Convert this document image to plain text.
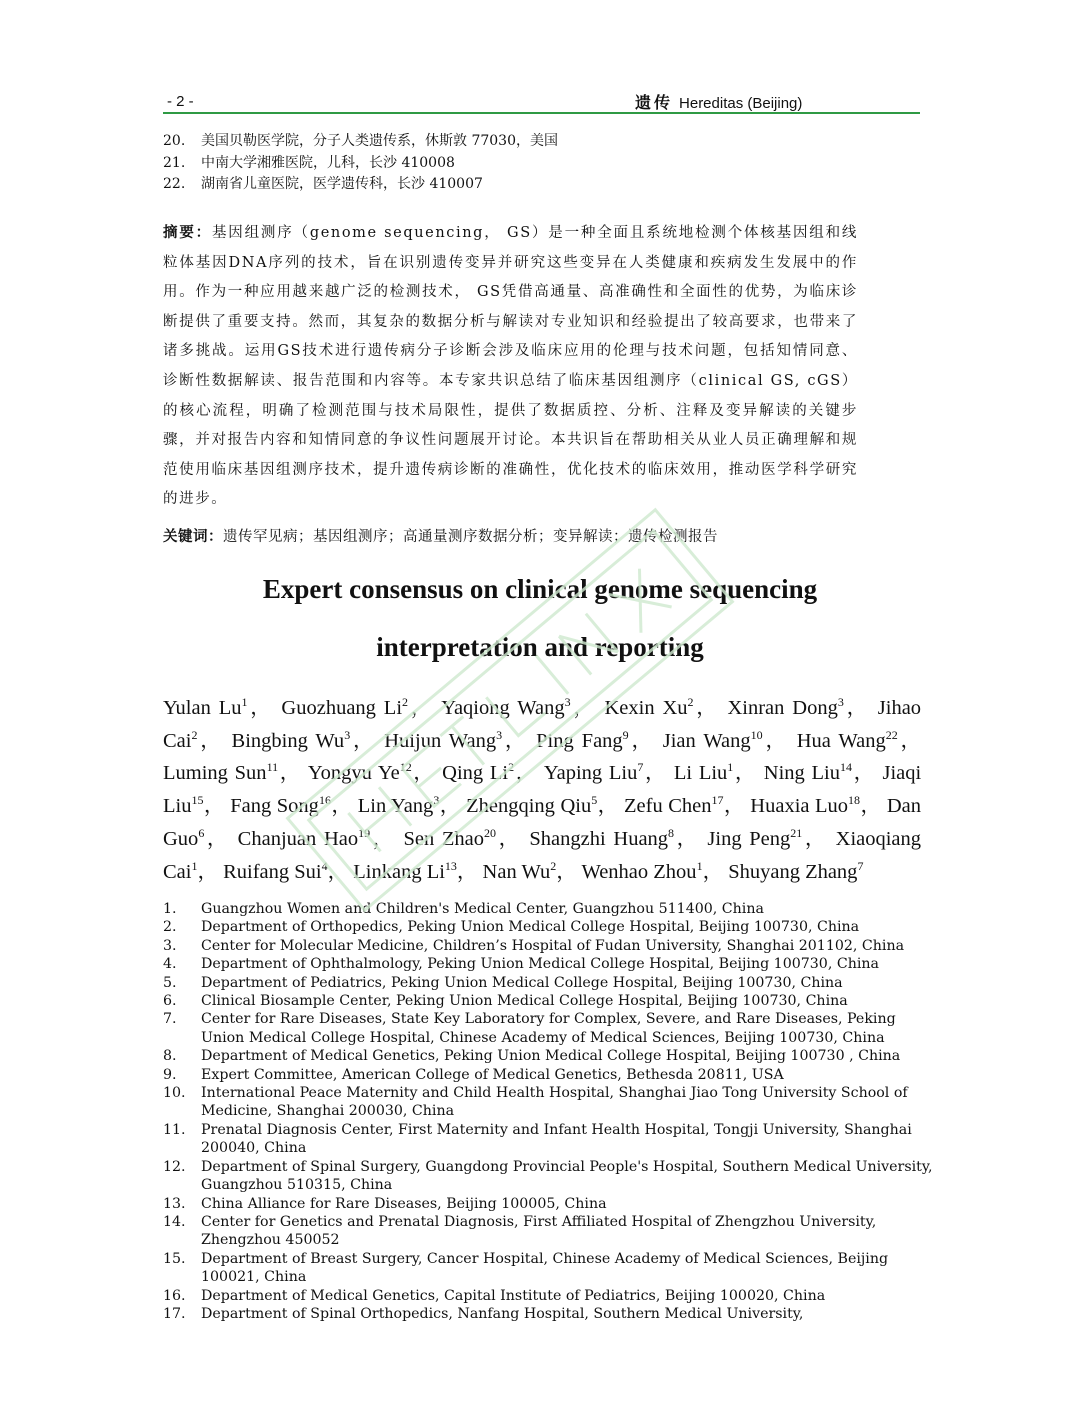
- 2 -	遗传 Hereditas (Beijing)
20.	美国贝勒医学院，分子人类遗传系，休斯敦 77030，美国
21.	中南大学湘雅医院，儿科，长沙 410008
22.	湖南省儿童医院，医学遗传科，长沙 410007
摘要：基因组测序（genome sequencing， GS）是一种全面且系统地检测个体核基因组和线粒体基因DNA序列的技术，旨在识别遗传变异并研究这些变异在人类健康和疾病发生发展中的作用。作为一种应用越来越广泛的检测技术， GS凭借高通量、高准确性和全面性的优势，为临床诊断提供了重要支持。然而，其复杂的数据分析与解读对专业知识和经验提出了较高要求，也带来了诸多挑战。运用GS技术进行遗传病分子诊断会涉及临床应用的伦理与技术问题，包括知情同意、诊断性数据解读、报告范围和内容等。本专家共识总结了临床基因组测序（clinical GS, cGS）的核心流程，明确了检测范围与技术局限性，提供了数据质控、分析、注释及变异解读的关键步骤，并对报告内容和知情同意的争议性问题展开讨论。本共识旨在帮助相关从业人员正确理解和规范使用临床基因组测序技术，提升遗传病诊断的准确性，优化技术的临床效用，推动医学科学研究的进步。
关键词：遗传罕见病；基因组测序；高通量测序数据分析；变异解读；遗传检测报告
Expert consensus on clinical genome sequencing
interpretation and reporting
Yulan Lu$^1$， Guozhuang Li$^2$， Yaqiong Wang$^3$， Kexin Xu$^2$， Xinran Dong$^3$， Jihao Cai$^2$， Bingbing Wu$^3$， Huijun Wang$^3$， Ping Fang$^9$， Jian Wang$^{10}$， Hua Wang$^{22}$， Luming Sun$^{11}$， Yongyu Ye$^{12}$， Qing Li$^2$， Yaping Liu$^7$， Li Liu$^1$， Ning Liu$^{14}$， Jiaqi Liu$^{15}$， Fang Song$^{16}$， Lin Yang$^3$， Zhengqing Qiu$^5$， Zefu Chen$^{17}$， Huaxia Luo$^{18}$， Dan Guo$^6$， Chanjuan Hao$^{19}$， Sen Zhao$^{20}$， Shangzhi Huang$^8$， Jing Peng$^{21}$， Xiaoqiang Cai$^1$， Ruifang Sui$^4$， Linkang Li$^{13}$， Nan Wu$^2$， Wenhao Zhou$^1$， Shuyang Zhang$^7$
1.	Guangzhou Women and Children's Medical Center, Guangzhou 511400, China
2.	Department of Orthopedics, Peking Union Medical College Hospital, Beijing 100730, China
3.	Center for Molecular Medicine, Children’s Hospital of Fudan University, Shanghai 201102, China
4.	Department of Ophthalmology, Peking Union Medical College Hospital, Beijing 100730, China
5.	Department of Pediatrics, Peking Union Medical College Hospital, Beijing 100730, China
6.	Clinical Biosample Center, Peking Union Medical College Hospital, Beijing 100730, China
7.	Center for Rare Diseases, State Key Laboratory for Complex, Severe, and Rare Diseases, Peking Union Medical College Hospital, Chinese Academy of Medical Sciences, Beijing 100730, China
8.	Department of Medical Genetics, Peking Union Medical College Hospital, Beijing 100730 , China
9.	Expert Committee, American College of Medical Genetics, Bethesda 20811, USA
10.	International Peace Maternity and Child Health Hospital, Shanghai Jiao Tong University School of Medicine, Shanghai 200030, China
11.	Prenatal Diagnosis Center, First Maternity and Infant Health Hospital, Tongji University, Shanghai 200040, China
12.	Department of Spinal Surgery, Guangdong Provincial People's Hospital, Southern Medical University, Guangzhou 510315, China
13.	China Alliance for Rare Diseases, Beijing 100005, China
14.	Center for Genetics and Prenatal Diagnosis, First Affiliated Hospital of Zhengzhou University, Zhengzhou 450052
15.	Department of Breast Surgery, Cancer Hospital, Chinese Academy of Medical Sciences, Beijing 100021, China
16.	Department of Medical Genetics, Capital Institute of Pediatrics, Beijing 100020, China
17.	Department of Spinal Orthopedics, Nanfang Hospital, Southern Medical University,
